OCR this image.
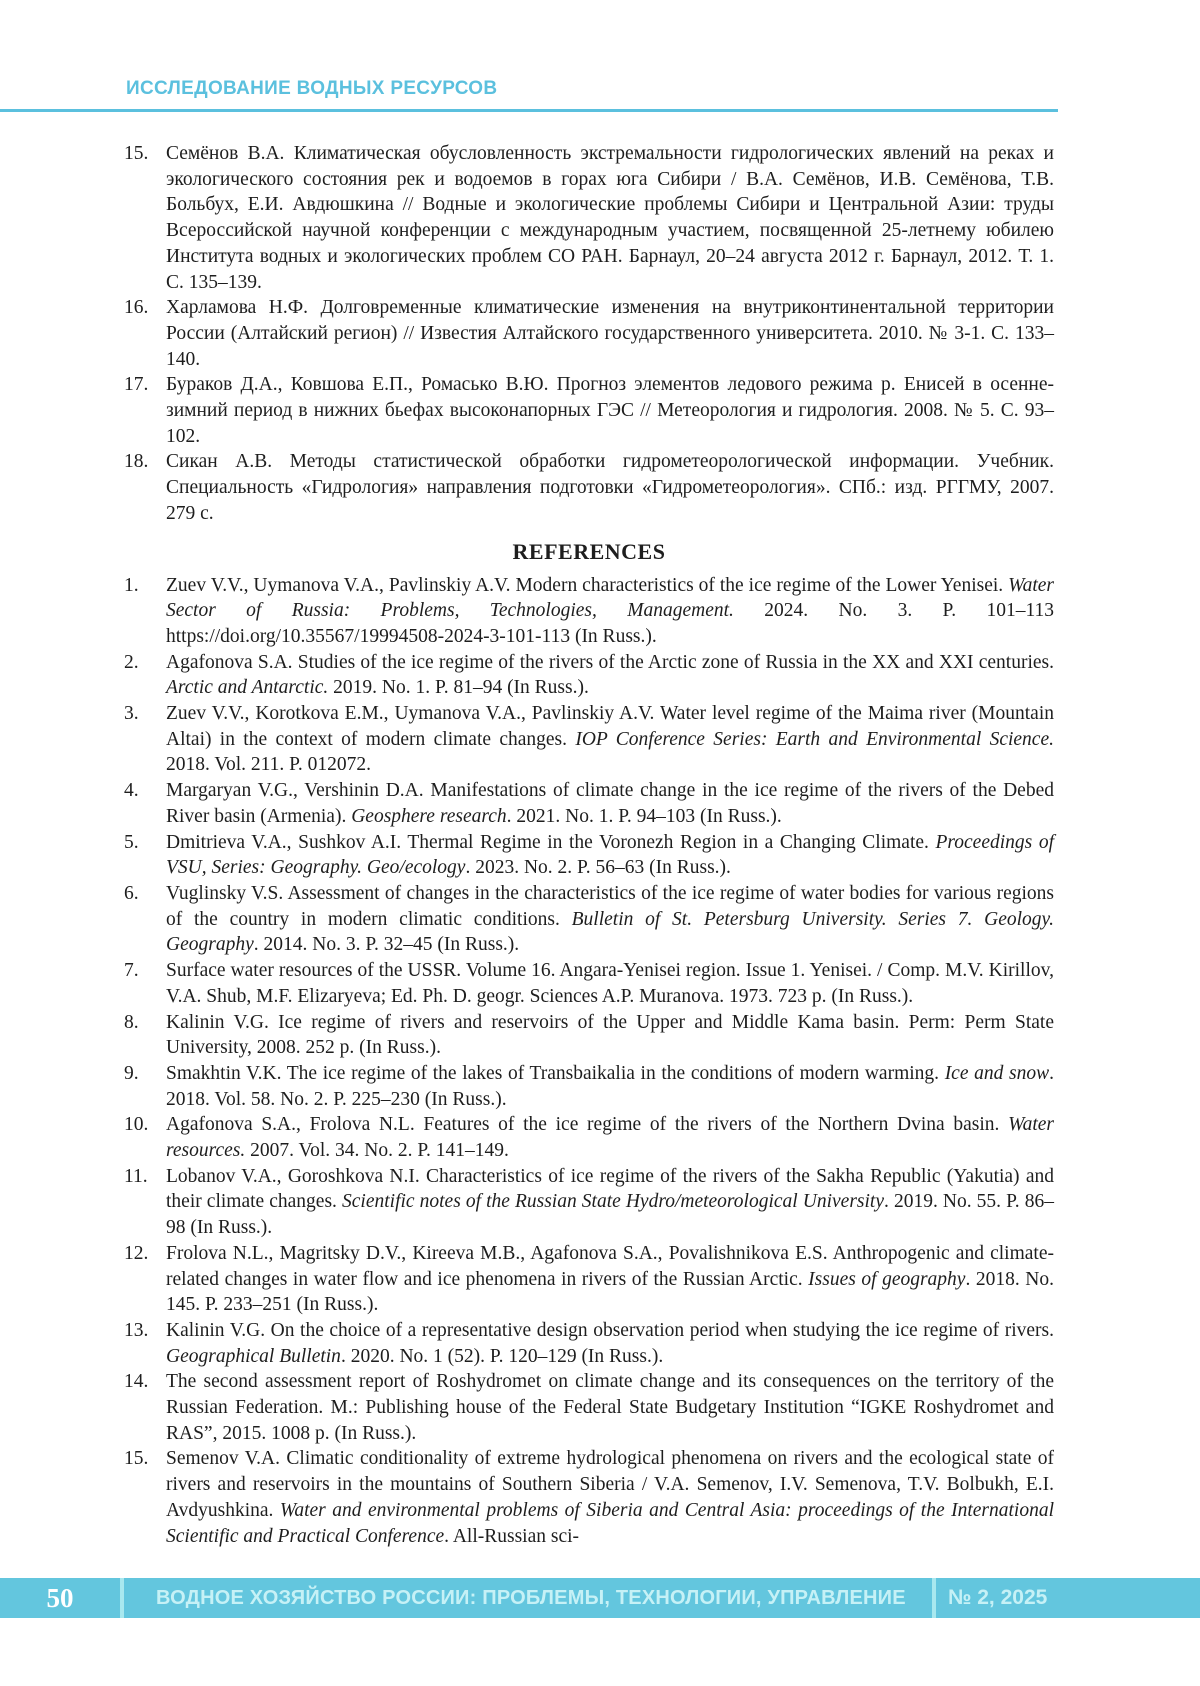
ИССЛЕДОВАНИЕ ВОДНЫХ РЕСУРСОВ
15. Семёнов В.А. Климатическая обусловленность экстремальности гидрологических явлений на реках и экологического состояния рек и водоемов в горах юга Сибири / В.А. Семёнов, И.В. Семёнова, Т.В. Больбух, Е.И. Авдюшкина // Водные и экологические проблемы Сибири и Центральной Азии: труды Всероссийской научной конференции с международным участием, посвященной 25-летнему юбилею Института водных и экологических проблем СО РАН. Барнаул, 20–24 августа 2012 г. Барнаул, 2012. Т. 1. С. 135–139.
16. Харламова Н.Ф. Долговременные климатические изменения на внутриконтинентальной территории России (Алтайский регион) // Известия Алтайского государственного университета. 2010. № 3-1. С. 133–140.
17. Бураков Д.А., Ковшова Е.П., Ромасько В.Ю. Прогноз элементов ледового режима р. Енисей в осенне-зимний период в нижних бьефах высоконапорных ГЭС // Метеорология и гидрология. 2008. № 5. С. 93–102.
18. Сикан А.В. Методы статистической обработки гидрометеорологической информации. Учебник. Специальность «Гидрология» направления подготовки «Гидрометеорология». СПб.: изд. РГГМУ, 2007. 279 с.
REFERENCES
1. Zuev V.V., Uymanova V.A., Pavlinskiy A.V. Modern characteristics of the ice regime of the Lower Yenisei. Water Sector of Russia: Problems, Technologies, Management. 2024. No. 3. P. 101–113 https://doi.org/10.35567/19994508-2024-3-101-113 (In Russ.).
2. Agafonova S.A. Studies of the ice regime of the rivers of the Arctic zone of Russia in the XX and XXI centuries. Arctic and Antarctic. 2019. No. 1. P. 81–94 (In Russ.).
3. Zuev V.V., Korotkova E.M., Uymanova V.A., Pavlinskiy A.V. Water level regime of the Maima river (Mountain Altai) in the context of modern climate changes. IOP Conference Series: Earth and Environmental Science. 2018. Vol. 211. P. 012072.
4. Margaryan V.G., Vershinin D.A. Manifestations of climate change in the ice regime of the rivers of the Debed River basin (Armenia). Geosphere research. 2021. No. 1. P. 94–103 (In Russ.).
5. Dmitrieva V.A., Sushkov A.I. Thermal Regime in the Voronezh Region in a Changing Climate. Proceedings of VSU, Series: Geography. Geo/ecology. 2023. No. 2. P. 56–63 (In Russ.).
6. Vuglinsky V.S. Assessment of changes in the characteristics of the ice regime of water bodies for various regions of the country in modern climatic conditions. Bulletin of St. Petersburg University. Series 7. Geology. Geography. 2014. No. 3. P. 32–45 (In Russ.).
7. Surface water resources of the USSR. Volume 16. Angara-Yenisei region. Issue 1. Yenisei. / Comp. M.V. Kirillov, V.A. Shub, M.F. Elizaryeva; Ed. Ph. D. geogr. Sciences A.P. Muranova. 1973. 723 p. (In Russ.).
8. Kalinin V.G. Ice regime of rivers and reservoirs of the Upper and Middle Kama basin. Perm: Perm State University, 2008. 252 p. (In Russ.).
9. Smakhtin V.K. The ice regime of the lakes of Transbaikalia in the conditions of modern warming. Ice and snow. 2018. Vol. 58. No. 2. P. 225–230 (In Russ.).
10. Agafonova S.A., Frolova N.L. Features of the ice regime of the rivers of the Northern Dvina basin. Water resources. 2007. Vol. 34. No. 2. P. 141–149.
11. Lobanov V.A., Goroshkova N.I. Characteristics of ice regime of the rivers of the Sakha Republic (Yakutia) and their climate changes. Scientific notes of the Russian State Hydro/meteorological University. 2019. No. 55. P. 86–98 (In Russ.).
12. Frolova N.L., Magritsky D.V., Kireeva M.B., Agafonova S.A., Povalishnikova E.S. Anthropogenic and climate-related changes in water flow and ice phenomena in rivers of the Russian Arctic. Issues of geography. 2018. No. 145. P. 233–251 (In Russ.).
13. Kalinin V.G. On the choice of a representative design observation period when studying the ice regime of rivers. Geographical Bulletin. 2020. No. 1 (52). P. 120–129 (In Russ.).
14. The second assessment report of Roshydromet on climate change and its consequences on the territory of the Russian Federation. M.: Publishing house of the Federal State Budgetary Institution “IGKE Roshydromet and RAS”, 2015. 1008 p. (In Russ.).
15. Semenov V.A. Climatic conditionality of extreme hydrological phenomena on rivers and the ecological state of rivers and reservoirs in the mountains of Southern Siberia / V.A. Semenov, I.V. Semenova, T.V. Bolbukh, E.I. Avdyushkina. Water and environmental problems of Siberia and Central Asia: proceedings of the International Scientific and Practical Conference. All-Russian sci-
50	ВОДНОЕ ХОЗЯЙСТВО РОССИИ: ПРОБЛЕМЫ, ТЕХНОЛОГИИ, УПРАВЛЕНИЕ	№ 2, 2025
